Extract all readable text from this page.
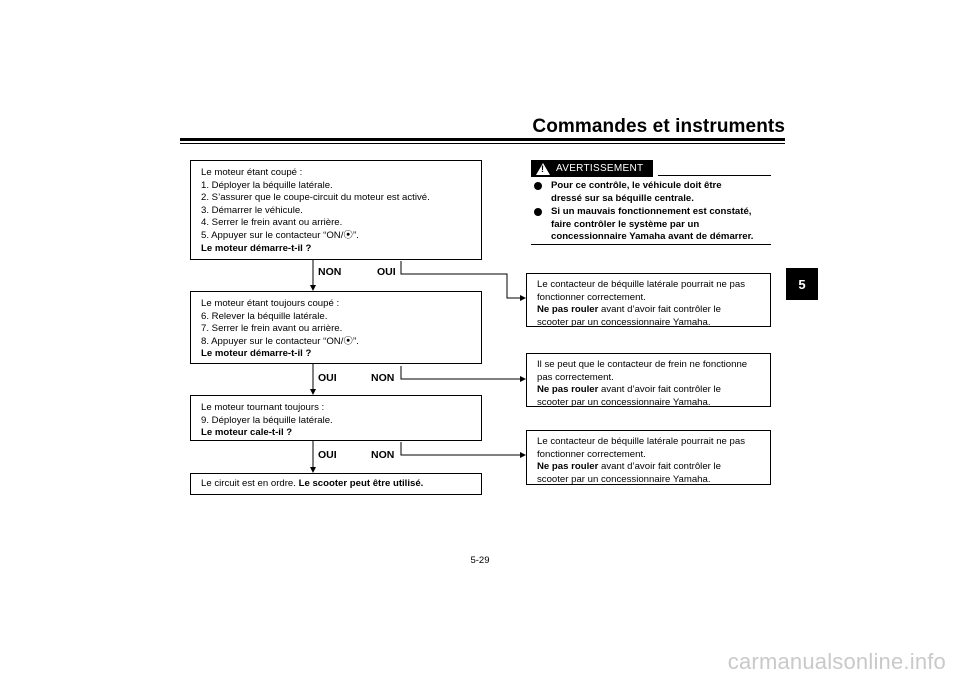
Commandes et instruments
5
Le moteur étant coupé :
1. Déployer la béquille latérale.
2. S’assurer que le coupe-circuit du moteur est activé.
3. Démarrer le véhicule.
4. Serrer le frein avant ou arrière.
5. Appuyer sur le contacteur “ON/⦿”.
Le moteur démarre-t-il ?
NON	OUI
Le moteur étant toujours coupé :
6. Relever la béquille latérale.
7. Serrer le frein avant ou arrière.
8. Appuyer sur le contacteur “ON/⦿”.
Le moteur démarre-t-il ?
OUI	NON
Le moteur tournant toujours :
9. Déployer la béquille latérale.
Le moteur cale-t-il ?
OUI	NON
Le circuit est en ordre. Le scooter peut être utilisé.
!
AVERTISSEMENT
Pour ce contrôle, le véhicule doit être
dressé sur sa béquille centrale.
Si un mauvais fonctionnement est constaté,
faire contrôler le système par un
concessionnaire Yamaha avant de démarrer.
Le contacteur de béquille latérale pourrait ne pas
fonctionner correctement.
Ne pas rouler avant d’avoir fait contrôler le
scooter par un concessionnaire Yamaha.
Il se peut que le contacteur de frein ne fonctionne
pas correctement.
Ne pas rouler avant d’avoir fait contrôler le
scooter par un concessionnaire Yamaha.
Le contacteur de béquille latérale pourrait ne pas
fonctionner correctement.
Ne pas rouler avant d’avoir fait contrôler le
scooter par un concessionnaire Yamaha.
5-29
carmanualsonline.info
